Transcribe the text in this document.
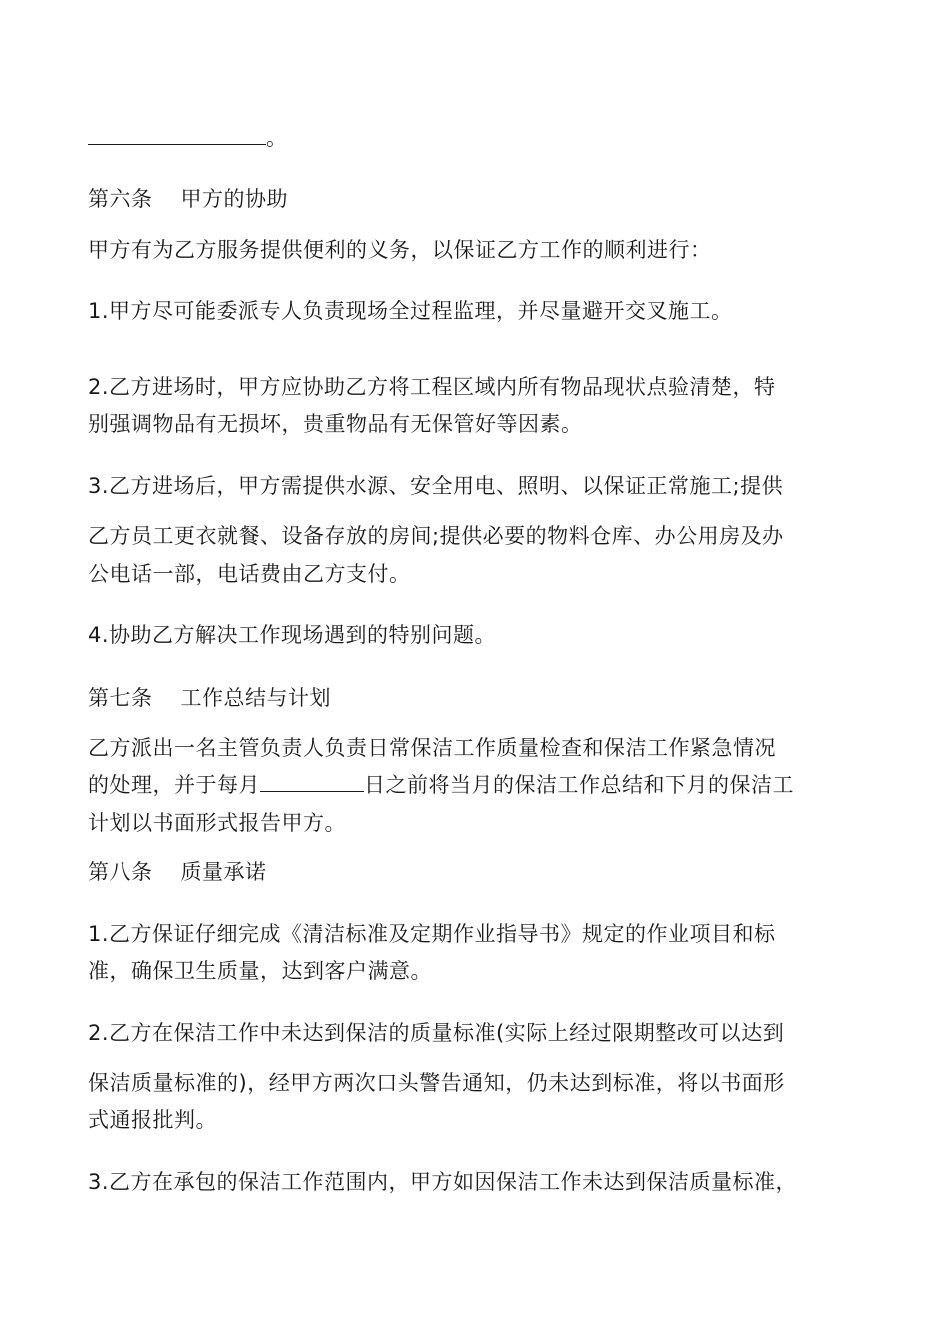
。
第六条 甲方的协助
甲方有为乙方服务提供便利的义务，以保证乙方工作的顺利进行：
1.甲方尽可能委派专人负责现场全过程监理，并尽量避开交叉施工。
2.乙方进场时，甲方应协助乙方将工程区域内所有物品现状点验清楚，特
别强调物品有无损坏，贵重物品有无保管好等因素。
3.乙方进场后，甲方需提供水源、安全用电、照明、以保证正常施工;提供
乙方员工更衣就餐、设备存放的房间;提供必要的物料仓库、办公用房及办
公电话一部，电话费由乙方支付。
4.协助乙方解决工作现场遇到的特别问题。
第七条 工作总结与计划
乙方派出一名主管负责人负责日常保洁工作质量检查和保洁工作紧急情况
的处理，并于每月	日之前将当月的保洁工作总结和下月的保洁工
计划以书面形式报告甲方。
第八条 质量承诺
1.乙方保证仔细完成《清洁标准及定期作业指导书》规定的作业项目和标
准，确保卫生质量，达到客户满意。
2.乙方在保洁工作中未达到保洁的质量标准(实际上经过限期整改可以达到
保洁质量标准的)，经甲方两次口头警告通知，仍未达到标准，将以书面形
式通报批判。
3.乙方在承包的保洁工作范围内，甲方如因保洁工作未达到保洁质量标准，
